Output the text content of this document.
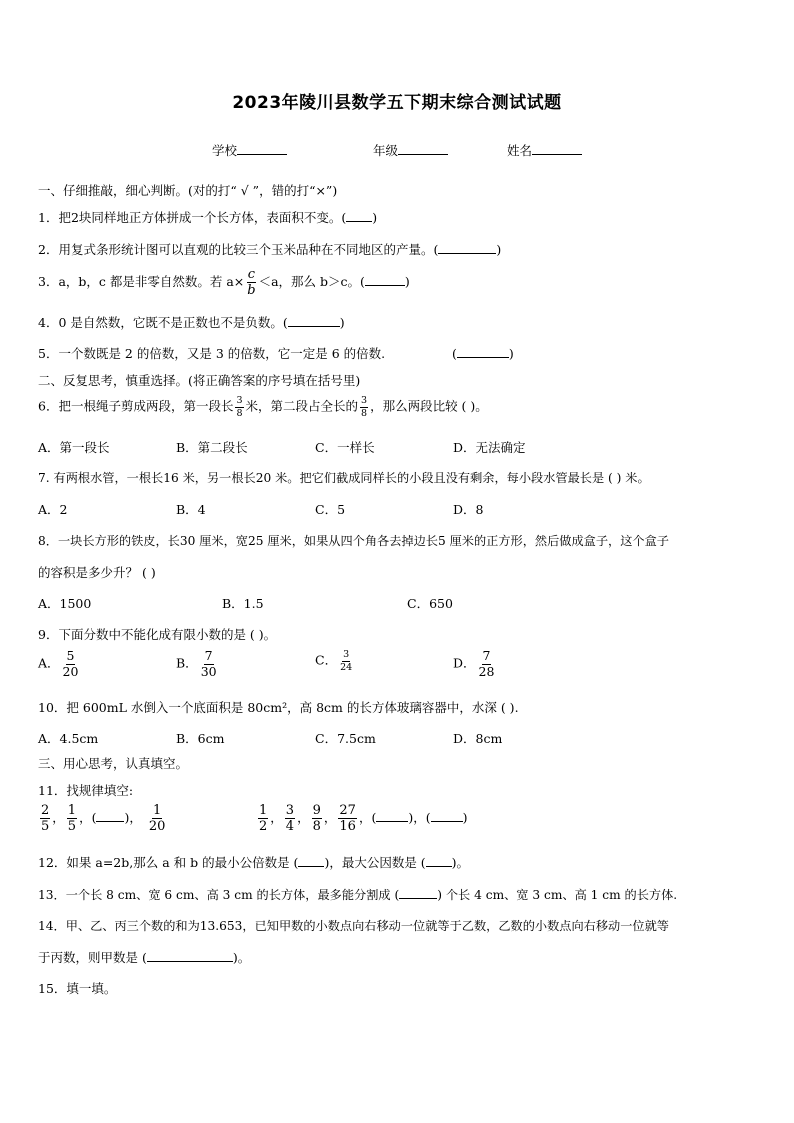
2023年陵川县数学五下期末综合测试试题
学校	年级	姓名
一、仔细推敲，细心判断。(对的打“ √ ”，错的打“×”)
1．把2块同样地正方体拼成一个长方体，表面积不变。( )
2．用复式条形统计图可以直观的比较三个玉米品种在不同地区的产量。(	)
3．a，b，c 都是非零自然数。若 $a\times \frac{c}{b} <a$，那么 b＞c。(	)
4．0 是自然数，它既不是正数也不是负数。(	)
5．一个数既是 2 的倍数，又是 3 的倍数，它一定是 6 的倍数.	(	)
二、反复思考，慎重选择。(将正确答案的序号填在括号里)
6．把一根绳子剪成两段，第一段长 $\frac{3}{8}$ 米，第二段占全长的 $\frac{3}{8}$ ，那么两段比较 ( )。
A．第一段长	B．第二段长	C．一样长	D．无法确定
7. 有两根水管，一根长16 米，另一根长20 米。把它们截成同样长的小段且没有剩余，每小段水管最长是 ( ) 米。
A．2	B．4	C．5	D．8
8．一块长方形的铁皮，长30 厘米，宽25 厘米，如果从四个角各去掉边长5 厘米的正方形，然后做成盒子，这个盒子
的容积是多少升？ ( )
A．1500	B．1.5	C．650
9．下面分数中不能化成有限小数的是 ( )。
A． $\frac{5}{20}$	B． $\frac{7}{30}$	C． $\frac{3}{24}$	D． $\frac{7}{28}$
10．把 600mL 水倒入一个底面积是 80cm²，高 8cm 的长方体玻璃容器中，水深 ( ).
A．4.5cm	B．6cm	C．7.5cm	D．8cm
三、用心思考，认真填空。
11．找规律填空:
$\frac{2}{5}$ ， $\frac{1}{5}$ ，( )， $\frac{1}{20}$	$\frac{1}{2}$ ， $\frac{3}{4}$ ， $\frac{9}{8}$ ， $\frac{27}{16}$ ，(	)，(	)
12．如果 a=2b,那么 a 和 b 的最小公倍数是 ( )，最大公因数是 ( )。
13．一个长 8 cm、宽 6 cm、高 3 cm 的长方体，最多能分割成 (	) 个长 4 cm、宽 3 cm、高 1 cm 的长方体.
14．甲、乙、丙三个数的和为13.653，已知甲数的小数点向右移动一位就等于乙数，乙数的小数点向右移动一位就等
于丙数，则甲数是 (	)。
15．填一填。
